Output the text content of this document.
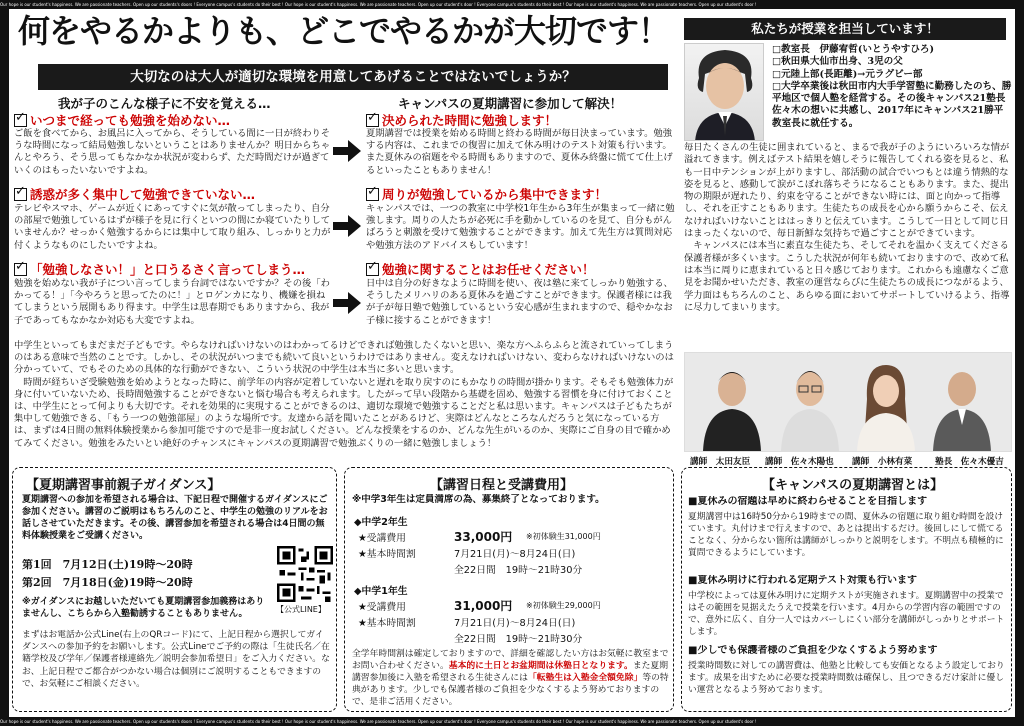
Our hope is our student's happiness. We are passionate teachers. Open up our students's doors ! Everyone campus's students do their best ! Our hope is our student's happiness. We are passionate teachers. Open up our student's door ! Everyone campus's students do their best ! Our hope is our student's happiness. We are passionate teachers. Open up our student's door !
Our hope is our student's happiness. We are passionate teachers. Open up our students's doors ! Everyone campus's students do their best ! Our hope is our student's happiness. We are passionate teachers. Open up our student's door ! Everyone campus's students do their best ! Our hope is our student's happiness. We are passionate teachers. Open up our student's door !
何をやるかよりも、どこでやるかが大切です！
大切なのは大人が適切な環境を用意してあげることではないでしょうか？
我が子のこんな様子に不安を覚える…	キャンパスの夏期講習に参加して解決！
✓いつまで経っても勉強を始めない…
ご飯を食べてから、お風呂に入ってから、そうしている間に一日が終わりそうな時間になって結局勉強しないということはありませんか？明日からちゃんとやろう、そう思ってもなかなか状況が変わらず、ただ時間だけが過ぎていくのはもったいないですよね。
✓誘惑が多く集中して勉強できていない…
テレビやスマホ、ゲームが近くにあってすぐに気が散ってしまったり、自分の部屋で勉強しているはずが様子を見に行くといつの間にか寝ていたりしていませんか？せっかく勉強するからには集中して取り組み、しっかりと力が付くようなものにしたいですよね。
✓「勉強しなさい！」と口うるさく言ってしまう…
勉強を始めない我が子につい言ってしまう台詞ではないですか？その後「わかってる！」「今やろうと思ってたのに！」とロゲンカになり、機嫌を損ねてしまうという展開もあり得ます。中学生は思春期でもありますから、我が子であってもなかなか対応も大変ですよね。
✓決められた時間に勉強します！
夏期講習では授業を始める時間と終わる時間が毎日決まっています。勉強する内容は、これまでの復習に加えて休み明けのテスト対策も行います。また夏休みの宿題をやる時間もありますので、夏休み終盤に慌てて仕上げるといったこともありません！
✓周りが勉強しているから集中できます！
キャンパスでは、一つの教室に中学校1年生から3年生が集まって一緒に勉強します。周りの人たちが必死に手を動かしているのを見て、自分もがんばろうと刺激を受けて勉強することができます。加えて先生方は質問対応や勉強方法のアドバイスもしています！
✓勉強に関することはお任せください！
日中は自分の好きなように時間を使い、夜は塾に来てしっかり勉強する、そうしたメリハリのある夏休みを過ごすことができます。保護者様には我が子が毎日塾で勉強しているという安心感が生まれますので、穏やかなお子様に接することができます！
中学生といってもまだまだ子どもです。やらなければいけないのはわかってるけどできれば勉強したくないと思い、楽な方へふらふらと流されていってしまうのはある意味で当然のことです。しかし、その状況がいつまでも続いて良いというわけではありません。変えなければいけない、変わらなければいけないのは分かっていて、でもそのための具体的な行動ができない、こういう状況の中学生は本当に多いと思います。
　時間が経ちいざ受験勉強を始めようとなった時に、前学年の内容が定着していないと遅れを取り戻すのにもかなりの時間が掛かります。そもそも勉強体力が身に付いていないため、長時間勉強することができないと悩む場合も考えられます。したがって早い段階から基礎を固め、勉強する習慣を身に付けておくことは、中学生にとって何よりも大切です。それを効果的に実現することができるのは、適切な環境で勉強することだと私は思います。キャンパスは子どもたちが集中して勉強できる、「もう一つの勉強部屋」のような場所です。友達から話を聞いたことがあるけど、実際はどんなところなんだろうと気になっている方は、まずは4日間の無料体験授業から参加可能ですので是非一度お試しください。どんな授業をするのか、どんな先生がいるのか、実際にご自身の目で確かめてみてください。勉強をみたいとい絶好のチャンスにキャンパスの夏期講習で勉強ぶくりの一緒に勉強しましょう！
私たちが授業を担当しています！
□教室長　伊藤宥哲(いとうやすひろ)
□秋田県大仙市出身、3児の父
□元陸上部(長距離)→元ラグビー部
□大学卒業後は秋田市内大手学習塾に勤務したのち、勝平地区で個人塾を経営する。その後キャンパス21塾長佐々木の想いに共感し、2017年にキャンパス21勝平教室長に就任する。
毎日たくさんの生徒に囲まれていると、まるで我が子のようにいろいろな情が溢れてきます。例えばテスト結果を嬉しそうに報告してくれる姿を見ると、私も一日中テンションが上がりますし、部活動の試合でいつもとは違う情熱的な姿を見ると、感動して涙がこぼれ落ちそうになることもあります。また、提出物の期限が遅れたり、約束を守ることができない時には、面と向かって指導し、それを正すこともあります。生徒たちの成長を心から願うからこそ、伝えなければいけないことははっきりと伝えています。こうして一日として同じ日はまったくないので、毎日新鮮な気持ちで過ごすことができています。
　キャンパスには本当に素直な生徒たち、そしてそれを温かく支えてくださる保護者様が多くいます。こうした状況が何年も続いておりますので、改めて私は本当に周りに恵まれていると日々感じております。これからも遠慮なくご意見をお聞かせいただき、教室の運営ならびに生徒たちの成長につながるよう、学力面はもちろんのこと、あらゆる面においてサポートしていけるよう、指導に尽力してまいります。
講師　太田友臣 講師　佐々木陽也 講師　小林有菜	塾長　佐々木優吉
【夏期講習事前親子ガイダンス】
夏期講習への参加を希望される場合は、下記日程で開催するガイダンスにご参加ください。講習のご説明はもちろんのこと、中学生の勉強のリアルをお話しさせていただきます。その後、講習参加を希望される場合は4日間の無料体験授業をご受講ください。
第1回　7月12日(土)19時～20時
第2回　7月18日(金)19時～20時
※ガイダンスにお越しいただいても夏期講習参加義務はありませんし、こちらから入塾勧誘することもありません。	【公式LINE】
まずはお電話か公式Line(右上のQRコード)にて、上記日程から選択してガイダンスへの参加予約をお願いします。公式Lineでご予約の際は「生徒氏名／在籍学校及び学年／保護者様連絡先／説明会参加希望日」をご入力ください。なお、上記日程でご都合がつかない場合は個別にご説明することもできますので、お気軽にご相談ください。
【講習日程と受講費用】
※中学3年生は定員満席の為、募集終了となっております。
◆中学2年生
★受講費用	33,000円 ※初体験生31,000円
★基本時間割	7月21日(月)～8月24日(日)
全22日間　19時～21時30分
◆中学1年生
★受講費用	31,000円 ※初体験生29,000円
★基本時間割	7月21日(月)～8月24日(日)
全22日間　19時～21時30分
全学年時間割は確定しておりますので、詳細を確認したい方はお気軽に教室までお問い合わせください。基本的に土日とお盆期間は休塾日となります。また夏期講習参加後に入塾を希望される生徒さんには「転塾生は入塾金全額免除」等の特典があります。少しでも保護者様のご負担を少なくするよう努めておりますので、是非ご活用ください。
【キャンパスの夏期講習とは】
■夏休みの宿題は早めに終わらせることを目指します
夏期講習中は16時50分から19時までの間、夏休みの宿題に取り組む時間を設けています。丸付けまで行えますので、あとは提出するだけ。後回しにして慌てることなく、分からない箇所は講師がしっかりと説明をします。不明点も積極的に質問できるようにしています。
■夏休み明けに行われる定期テスト対策も行います
中学校によっては夏休み明けに定期テストが実施されます。夏期講習中の授業ではその範囲を見据えたうえで授業を行います。4月からの学習内容の範囲ですので、意外に広く、自分一人ではカバーしにくい部分を講師がしっかりとサポートします。
■少しでも保護者様のご負担を少なくするよう努めます
授業時間数に対しての講習費は、他塾と比較しても安価となるよう設定しております。成果を出すために必要な授業時間数は確保し、且つできるだけ家計に優しい運営となるよう努めております。
